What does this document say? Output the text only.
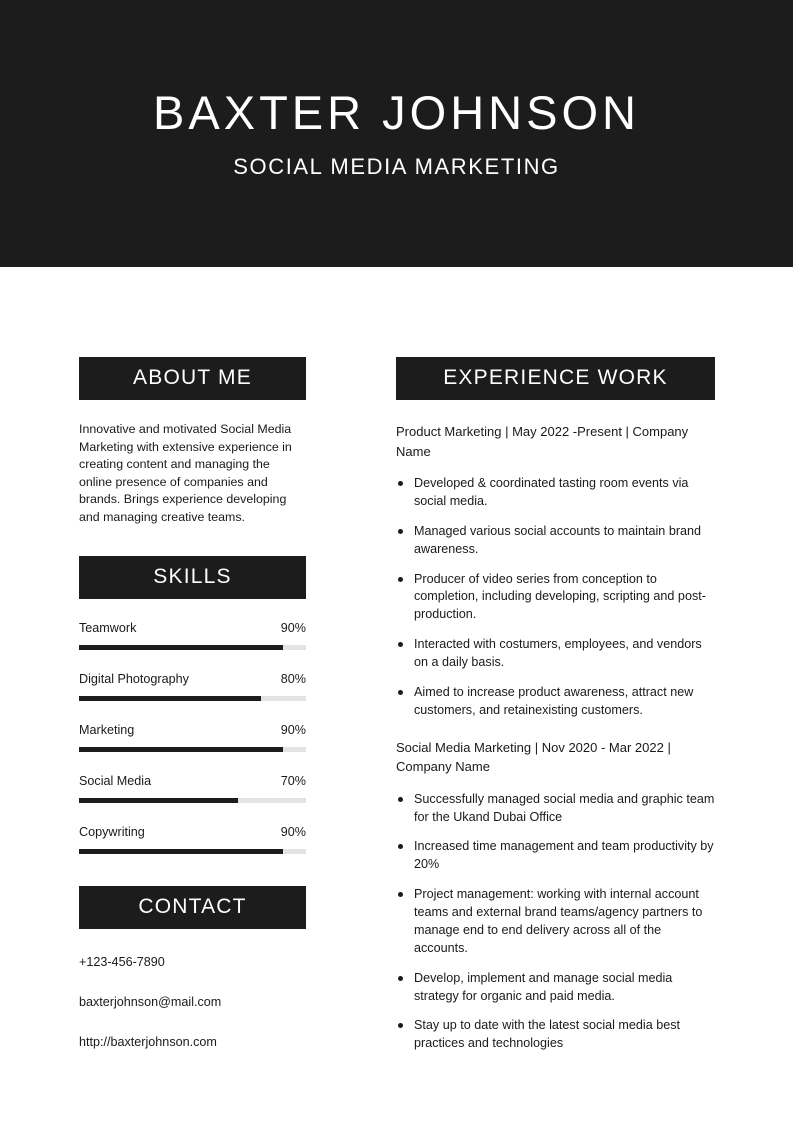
BAXTER JOHNSON
SOCIAL MEDIA MARKETING
ABOUT ME

Innovative and motivated Social Media Marketing with extensive experience in creating content and managing the online presence of companies and brands. Brings experience developing and managing creative teams.

SKILLS
Teamwork	90%
Digital Photography	80%
Marketing	90%
Social Media	70%
Copywriting	90%
CONTACT
+123-456-7890
baxterjohnson@mail.com
http://baxterjohnson.com
EXPERIENCE WORK

Product Marketing | May 2022 -Present | Company Name

Developed & coordinated tasting room events via social media.
Managed various social accounts to maintain brand awareness.
Producer of video series from conception to completion, including developing, scripting and post-production.
Interacted with costumers, employees, and vendors on a daily basis.
Aimed to increase product awareness, attract new customers, and retainexisting customers.

Social Media Marketing | Nov 2020 - Mar 2022 | Company Name

Successfully managed social media and graphic team for the Ukand Dubai Office
Increased time management and team productivity by 20%
Project management: working with internal account teams and external brand teams/agency partners to manage end to end delivery across all of the accounts.
Develop, implement and manage social media strategy for organic and paid media.
Stay up to date with the latest social media best practices and technologies
